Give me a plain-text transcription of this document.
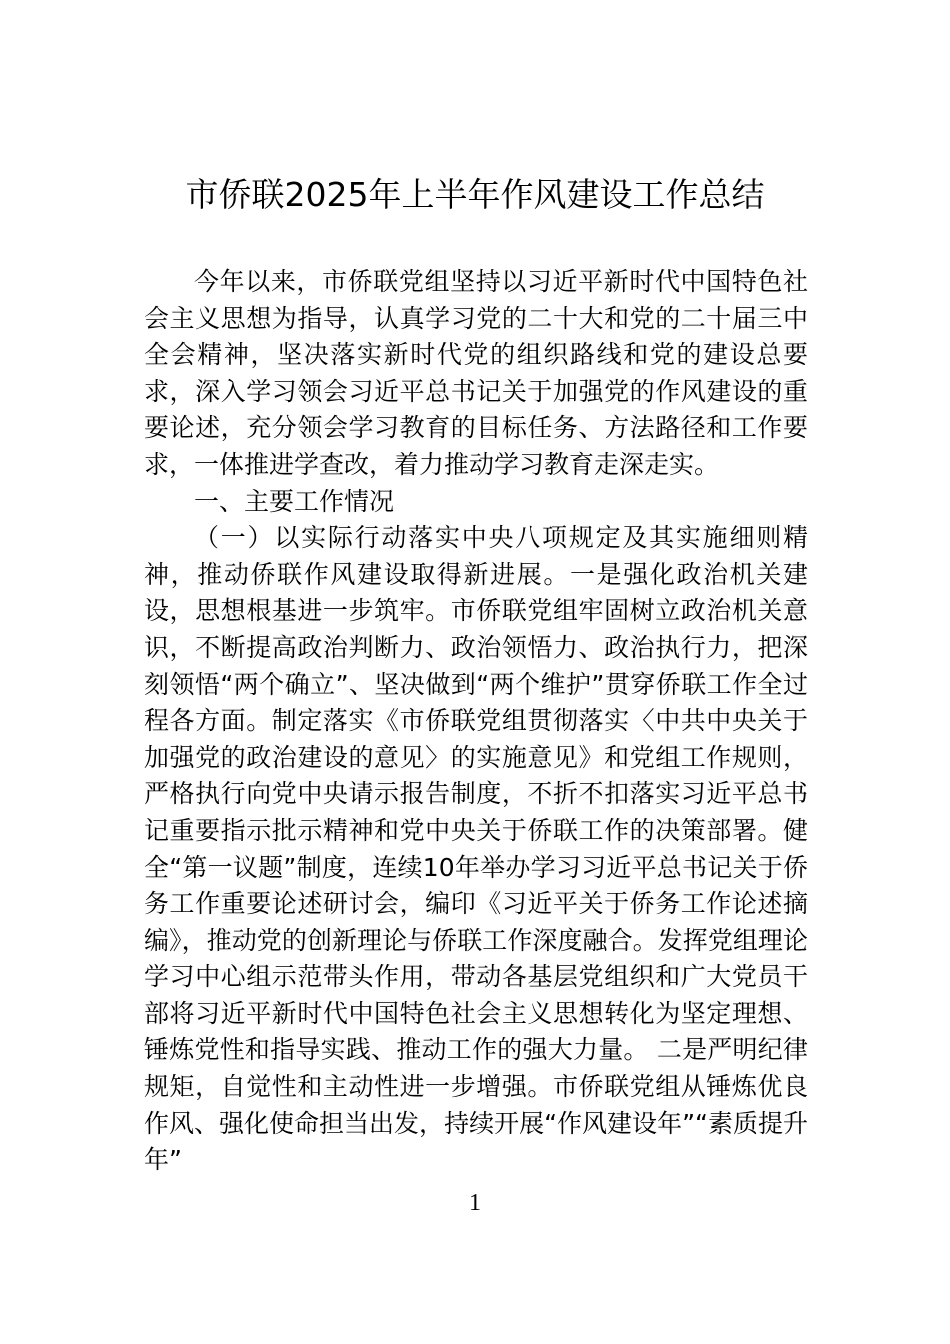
市侨联2025年上半年作风建设工作总结

今年以来，市侨联党组坚持以习近平新时代中国特色社会主义思想为指导，认真学习党的二十大和党的二十届三中全会精神，坚决落实新时代党的组织路线和党的建设总要求，深入学习领会习近平总书记关于加强党的作风建设的重要论述，充分领会学习教育的目标任务、方法路径和工作要求，一体推进学查改，着力推动学习教育走深走实。

一、主要工作情况

（一）以实际行动落实中央八项规定及其实施细则精神，推动侨联作风建设取得新进展。一是强化政治机关建设，思想根基进一步筑牢。市侨联党组牢固树立政治机关意识，不断提高政治判断力、政治领悟力、政治执行力，把深刻领悟“两个确立”、坚决做到“两个维护”贯穿侨联工作全过程各方面。制定落实《市侨联党组贯彻落实〈中共中央关于加强党的政治建设的意见〉的实施意见》和党组工作规则，严格执行向党中央请示报告制度，不折不扣落实习近平总书记重要指示批示精神和党中央关于侨联工作的决策部署。健全“第一议题”制度，连续10年举办学习习近平总书记关于侨务工作重要论述研讨会，编印《习近平关于侨务工作论述摘编》，推动党的创新理论与侨联工作深度融合。发挥党组理论学习中心组示范带头作用，带动各基层党组织和广大党员干部将习近平新时代中国特色社会主义思想转化为坚定理想、锤炼党性和指导实践、推动工作的强大力量。 二是严明纪律规矩，自觉性和主动性进一步增强。市侨联党组从锤炼优良作风、强化使命担当出发，持续开展“作风建设年”“素质提升年”

1
